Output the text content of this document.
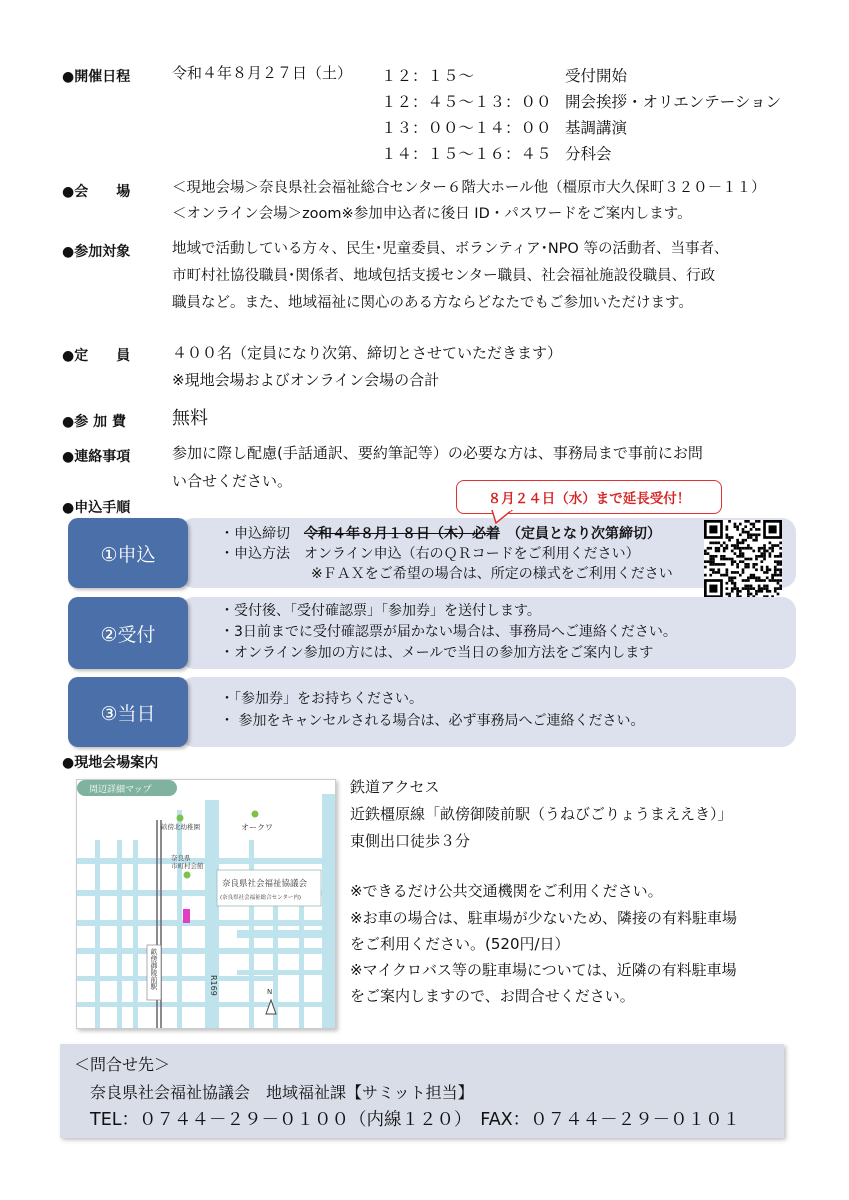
●開催日程	令和４年８月２７日（土） １２：１５～	受付開始
１２：４５～１３：００ 開会挨拶・オリエンテーション
１３：００～１４：００ 基調講演
１４：１５～１６：４５ 分科会
●会　　場	＜現地会場＞奈良県社会福祉総合センター６階大ホール他（橿原市大久保町３２０－１１）
＜オンライン会場＞zoom※参加申込者に後日 ID・パスワードをご案内します。
●参加対象	地域で活動している方々、民生･児童委員、ボランティア･NPO 等の活動者、当事者、
市町村社協役職員･関係者、地域包括支援センター職員、社会福祉施設役職員、行政
職員など。また、地域福祉に関心のある方ならどなたでもご参加いただけます。
●定　　員	４００名（定員になり次第、締切とさせていただきます）
※現地会場およびオンライン会場の合計
●参 加 費	無料
●連絡事項	参加に際し配慮(手話通訳、要約筆記等）の必要な方は、事務局まで事前にお問
い合せください。
●申込手順
①申込
・申込締切　令和４年８月１８日（木）必着　（定員となり次第締切）
・申込方法　オンライン申込（右のＱＲコードをご利用ください）
※ＦＡＸをご希望の場合は、所定の様式をご利用ください
８月２４日（水）まで延長受付！
②受付
・受付後、「受付確認票」「参加券」を送付します。
・3日前までに受付確認票が届かない場合は、事務局へご連絡ください。
・オンライン参加の方には、メールで当日の参加方法をご案内します
③当日
・「参加券」をお持ちください。
・ 参加をキャンセルされる場合は、必ず事務局へご連絡ください。
●現地会場案内
周辺詳細マップ
畝傍北幼稚園	オークワ
奈良県
市町村会館
奈良県社会福祉協議会
(奈良県社会福祉総合センター内)
畝傍御陵前駅	R169	N
鉄道アクセス
近鉄橿原線「畝傍御陵前駅（うねびごりょうまええき）」
東側出口徒歩３分
※できるだけ公共交通機関をご利用ください。
※お車の場合は、駐車場が少ないため、隣接の有料駐車場
をご利用ください。(520円/日）
※マイクロバス等の駐車場については、近隣の有料駐車場
をご案内しますので、お問合せください。
＜問合せ先＞
奈良県社会福祉協議会　地域福祉課【サミット担当】
TEL：０７４４－２９－０１００（内線１２０）　FAX：０７４４－２９－０１０１
